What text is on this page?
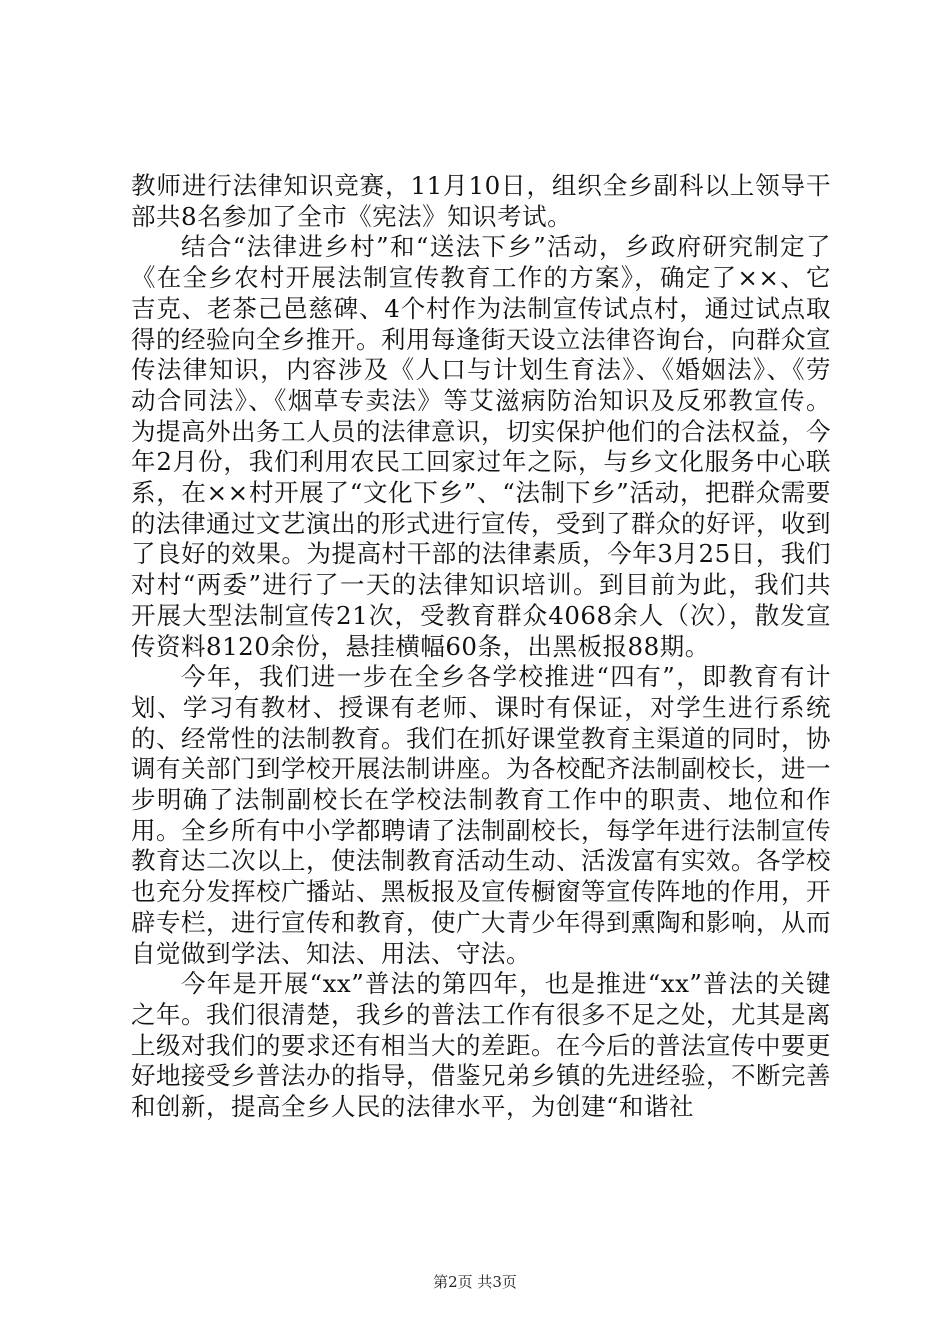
教师进行法律知识竞赛，11月10日，组织全乡副科以上领导干部共8名参加了全市《宪法》知识考试。

结合“法律进乡村”和“送法下乡”活动，乡政府研究制定了《在全乡农村开展法制宣传教育工作的方案》，确定了××、它吉克、老茶己邑慈碑、4个村作为法制宣传试点村，通过试点取得的经验向全乡推开。利用每逢街天设立法律咨询台，向群众宣传法律知识，内容涉及《人口与计划生育法》、《婚姻法》、《劳动合同法》、《烟草专卖法》等艾滋病防治知识及反邪教宣传。为提高外出务工人员的法律意识，切实保护他们的合法权益，今年2月份，我们利用农民工回家过年之际，与乡文化服务中心联系，在××村开展了“文化下乡”、“法制下乡”活动，把群众需要的法律通过文艺演出的形式进行宣传，受到了群众的好评，收到了良好的效果。为提高村干部的法律素质，今年3月25日，我们对村“两委”进行了一天的法律知识培训。到目前为此，我们共开展大型法制宣传21次，受教育群众4068余人（次），散发宣传资料8120余份，悬挂横幅60条，出黑板报88期。

今年，我们进一步在全乡各学校推进“四有”，即教育有计划、学习有教材、授课有老师、课时有保证，对学生进行系统的、经常性的法制教育。我们在抓好课堂教育主渠道的同时，协调有关部门到学校开展法制讲座。为各校配齐法制副校长，进一步明确了法制副校长在学校法制教育工作中的职责、地位和作用。全乡所有中小学都聘请了法制副校长，每学年进行法制宣传教育达二次以上，使法制教育活动生动、活泼富有实效。各学校也充分发挥校广播站、黑板报及宣传橱窗等宣传阵地的作用，开辟专栏，进行宣传和教育，使广大青少年得到熏陶和影响，从而自觉做到学法、知法、用法、守法。

今年是开展“xx”普法的第四年，也是推进“xx”普法的关键之年。我们很清楚，我乡的普法工作有很多不足之处，尤其是离上级对我们的要求还有相当大的差距。在今后的普法宣传中要更好地接受乡普法办的指导，借鉴兄弟乡镇的先进经验，不断完善和创新，提高全乡人民的法律水平，为创建“和谐社

第2页 共3页
